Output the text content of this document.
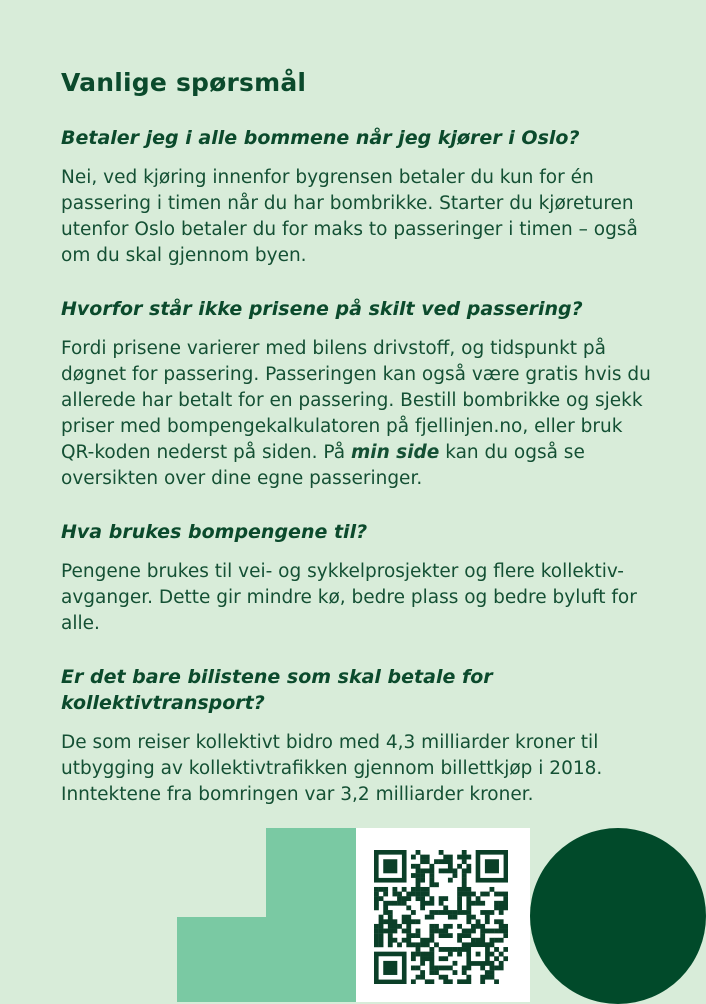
Vanlige spørsmål

Betaler jeg i alle bommene når jeg kjører i Oslo?

Nei, ved kjøring innenfor bygrensen betaler du kun for én passering i timen når du har bombrikke. Starter du kjøreturen utenfor Oslo betaler du for maks to passeringer i timen – også om du skal gjennom byen.

Hvorfor står ikke prisene på skilt ved passering?

Fordi prisene varierer med bilens drivstoff, og tidspunkt på døgnet for passering. Passeringen kan også være gratis hvis du allerede har betalt for en passering. Bestill bombrikke og sjekk priser med bompengekalkulatoren på fjellinjen.no, eller bruk QR-koden nederst på siden. På min side kan du også se oversikten over dine egne passeringer.

Hva brukes bompengene til?

Pengene brukes til vei- og sykkelprosjekter og flere kollektiv-avganger. Dette gir mindre kø, bedre plass og bedre byluft for alle.

Er det bare bilistene som skal betale for kollektivtransport?

De som reiser kollektivt bidro med 4,3 milliarder kroner til utbygging av kollektivtrafikken gjennom billettkjøp i 2018. Inntektene fra bomringen var 3,2 milliarder kroner.
